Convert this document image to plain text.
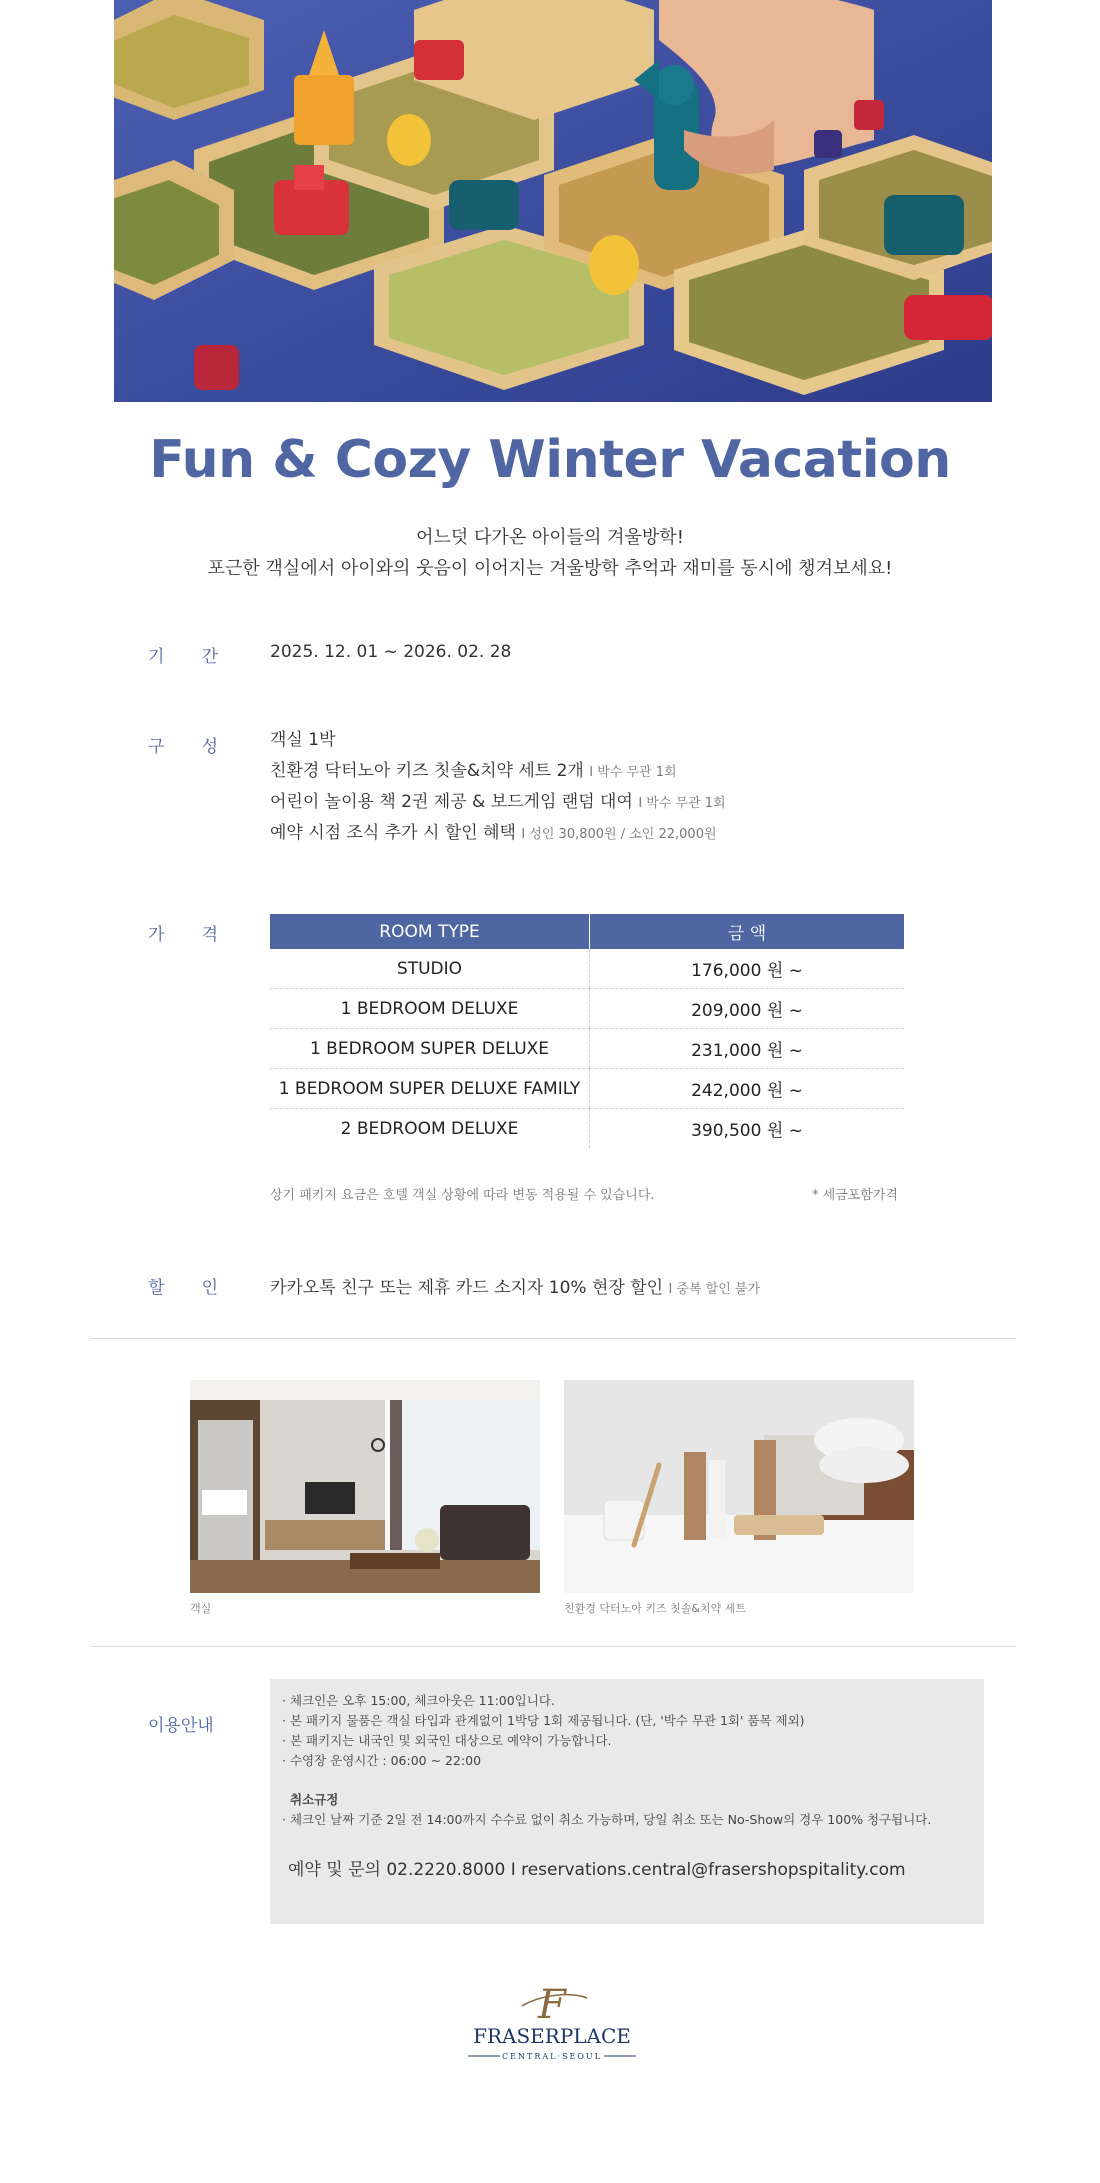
Fun & Cozy Winter Vacation
어느덧 다가온 아이들의 겨울방학!
포근한 객실에서 아이와의 웃음이 이어지는 겨울방학 추억과 재미를 동시에 챙겨보세요!
기 간	2025. 12. 01 ~ 2026. 02. 28
구 성	객실 1박
친환경 닥터노아 키즈 칫솔&치약 세트 2개 I 박수 무관 1회
어린이 놀이용 책 2권 제공 & 보드게임 랜덤 대여 I 박수 무관 1회
예약 시점 조식 추가 시 할인 혜택 I 성인 30,800원 / 소인 22,000원
가 격	ROOM TYPE	금 액
STUDIO	176,000 원 ~
1 BEDROOM DELUXE	209,000 원 ~
1 BEDROOM SUPER DELUXE	231,000 원 ~
1 BEDROOM SUPER DELUXE FAMILY	242,000 원 ~
2 BEDROOM DELUXE	390,500 원 ~
상기 패키지 요금은 호텔 객실 상황에 따라 변동 적용될 수 있습니다.	* 세금포함가격
할 인	카카오톡 친구 또는 제휴 카드 소지자 10% 현장 할인 I 중복 할인 불가
객실	친환경 닥터노아 키즈 칫솔&치약 세트
이용안내
· 체크인은 오후 15:00, 체크아웃은 11:00입니다.
· 본 패키지 물품은 객실 타입과 관계없이 1박당 1회 제공됩니다. (단, '박수 무관 1회' 품목 제외)
· 본 패키지는 내국인 및 외국인 대상으로 예약이 가능합니다.
· 수영장 운영시간 : 06:00 ~ 22:00
취소규정
· 체크인 날짜 기준 2일 전 14:00까지 수수료 없이 취소 가능하며, 당일 취소 또는 No-Show의 경우 100% 청구됩니다.
예약 및 문의 02.2220.8000 I reservations.central@frasershopspitality.com
F
FRASERPLACE
CENTRAL·SEOUL
